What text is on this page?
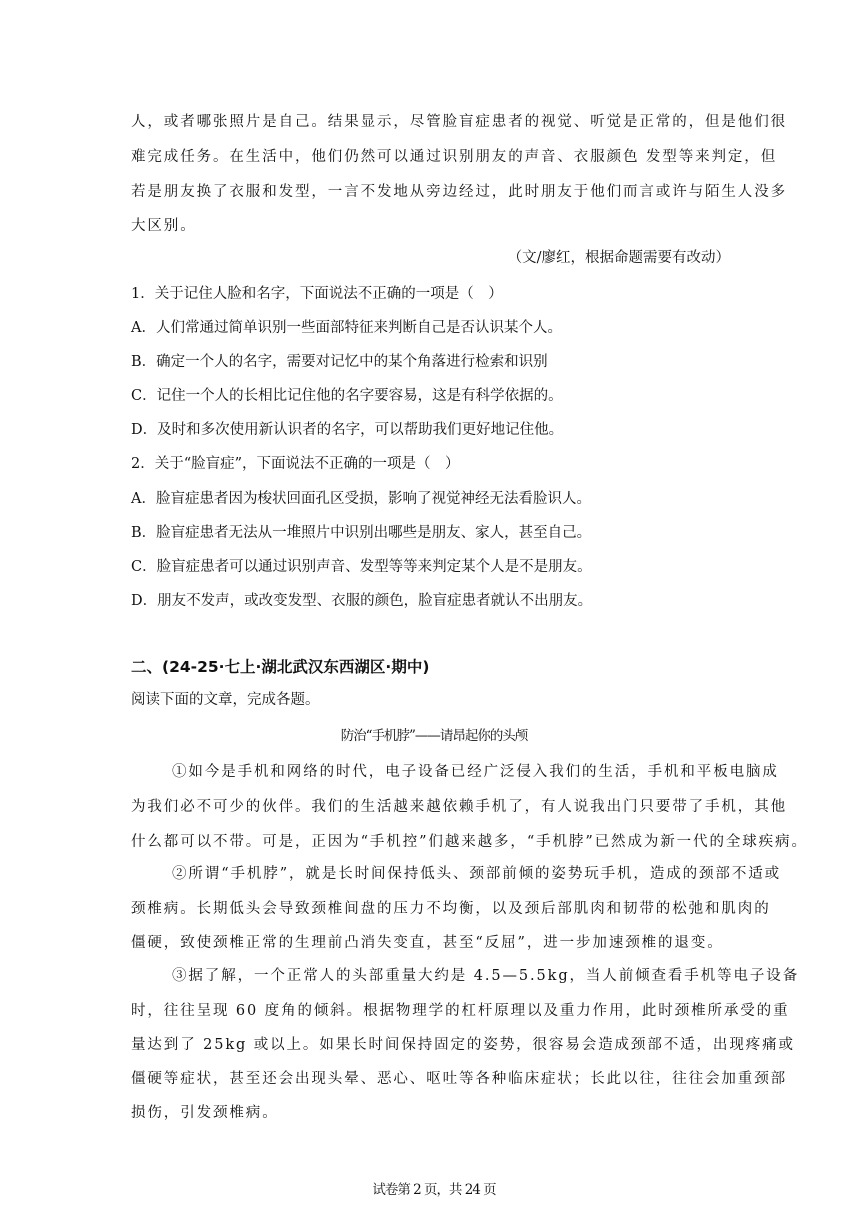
人，或者哪张照片是自己。结果显示，尽管脸盲症患者的视觉、听觉是正常的，但是他们很
难完成任务。在生活中，他们仍然可以通过识别朋友的声音、衣服颜色 发型等来判定，但
若是朋友换了衣服和发型，一言不发地从旁边经过，此时朋友于他们而言或许与陌生人没多
大区别。
（文/廖红，根据命题需要有改动）
1．关于记住人脸和名字，下面说法不正确的一项是（　）
A．人们常通过简单识别一些面部特征来判断自己是否认识某个人。
B．确定一个人的名字，需要对记忆中的某个角落进行检索和识别
C．记住一个人的长相比记住他的名字要容易，这是有科学依据的。
D．及时和多次使用新认识者的名字，可以帮助我们更好地记住他。
2．关于“脸盲症”，下面说法不正确的一项是（　）
A．脸盲症患者因为梭状回面孔区受损，影响了视觉神经无法看脸识人。
B．脸盲症患者无法从一堆照片中识别出哪些是朋友、家人，甚至自己。
C．脸盲症患者可以通过识别声音、发型等等来判定某个人是不是朋友。
D．朋友不发声，或改变发型、衣服的颜色，脸盲症患者就认不出朋友。
二、(24-25·七上·湖北武汉东西湖区·期中)
阅读下面的文章，完成各题。
防治“手机脖”——请昂起你的头颅
①如今是手机和网络的时代，电子设备已经广泛侵入我们的生活，手机和平板电脑成
为我们必不可少的伙伴。我们的生活越来越依赖手机了，有人说我出门只要带了手机，其他
什么都可以不带。可是，正因为“手机控”们越来越多，“手机脖”已然成为新一代的全球疾病。
②所谓“手机脖”，就是长时间保持低头、颈部前倾的姿势玩手机，造成的颈部不适或
颈椎病。长期低头会导致颈椎间盘的压力不均衡，以及颈后部肌肉和韧带的松弛和肌肉的
僵硬，致使颈椎正常的生理前凸消失变直，甚至“反屈”，进一步加速颈椎的退变。
③据了解，一个正常人的头部重量大约是 4.5—5.5kg，当人前倾查看手机等电子设备
时，往往呈现 60 度角的倾斜。根据物理学的杠杆原理以及重力作用，此时颈椎所承受的重
量达到了 25kg 或以上。如果长时间保持固定的姿势，很容易会造成颈部不适，出现疼痛或
僵硬等症状，甚至还会出现头晕、恶心、呕吐等各种临床症状；长此以往，往往会加重颈部
损伤，引发颈椎病。
试卷第 2 页，共 24 页
